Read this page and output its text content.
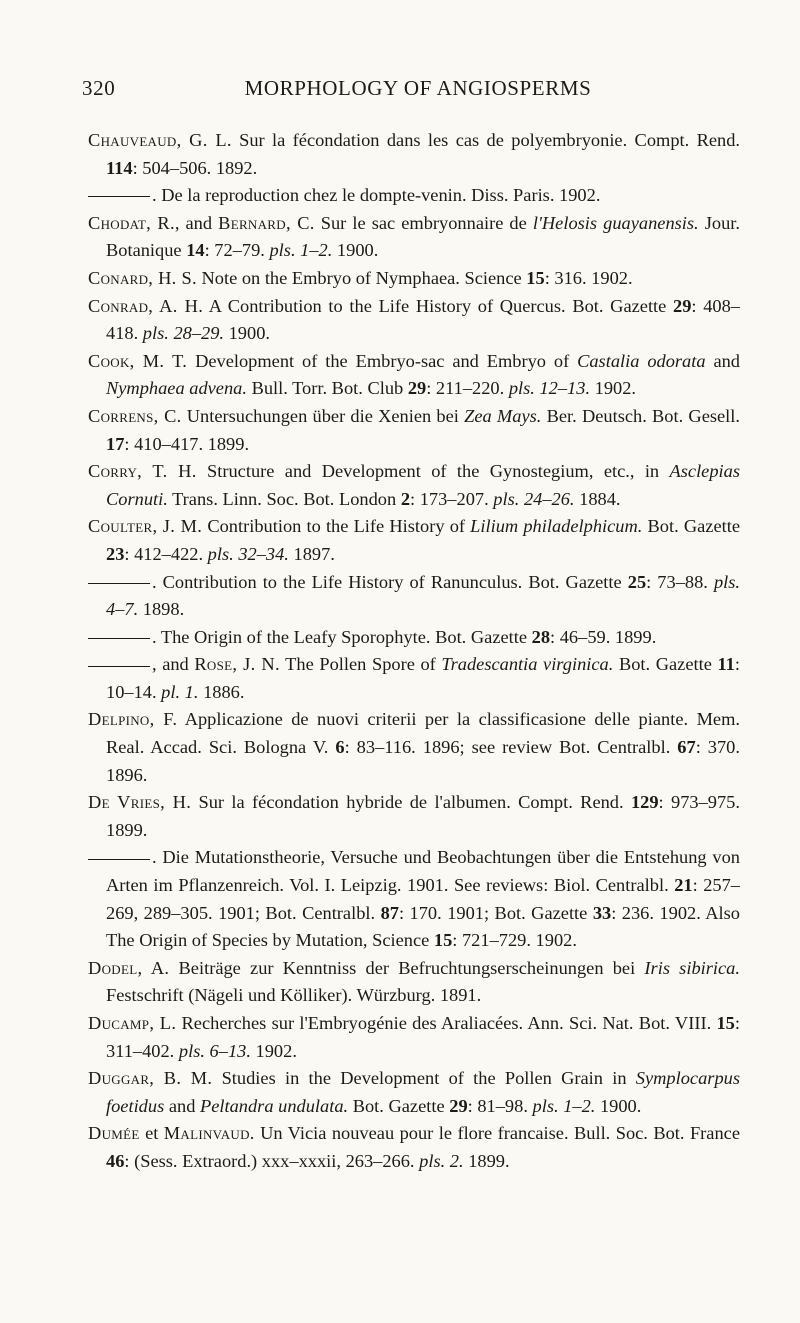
320	MORPHOLOGY OF ANGIOSPERMS

Chauveaud, G. L. Sur la fécondation dans les cas de polyembryonie. Compt. Rend. 114: 504–506. 1892.

. De la reproduction chez le dompte-venin. Diss. Paris. 1902.

Chodat, R., and Bernard, C. Sur le sac embryonnaire de l'Helosis guayanensis. Jour. Botanique 14: 72–79. pls. 1–2. 1900.

Conard, H. S. Note on the Embryo of Nymphaea. Science 15: 316. 1902.

Conrad, A. H. A Contribution to the Life History of Quercus. Bot. Gazette 29: 408–418. pls. 28–29. 1900.

Cook, M. T. Development of the Embryo-sac and Embryo of Castalia odorata and Nymphaea advena. Bull. Torr. Bot. Club 29: 211–220. pls. 12–13. 1902.

Correns, C. Untersuchungen über die Xenien bei Zea Mays. Ber. Deutsch. Bot. Gesell. 17: 410–417. 1899.

Corry, T. H. Structure and Development of the Gynostegium, etc., in Asclepias Cornuti. Trans. Linn. Soc. Bot. London 2: 173–207. pls. 24–26. 1884.

Coulter, J. M. Contribution to the Life History of Lilium philadelphicum. Bot. Gazette 23: 412–422. pls. 32–34. 1897.

. Contribution to the Life History of Ranunculus. Bot. Gazette 25: 73–88. pls. 4–7. 1898.

. The Origin of the Leafy Sporophyte. Bot. Gazette 28: 46–59. 1899.

, and Rose, J. N. The Pollen Spore of Tradescantia virginica. Bot. Gazette 11: 10–14. pl. 1. 1886.

Delpino, F. Applicazione de nuovi criterii per la classificasione delle piante. Mem. Real. Accad. Sci. Bologna V. 6: 83–116. 1896; see review Bot. Centralbl. 67: 370. 1896.

De Vries, H. Sur la fécondation hybride de l'albumen. Compt. Rend. 129: 973–975. 1899.

. Die Mutationstheorie, Versuche und Beobachtungen über die Entstehung von Arten im Pflanzenreich. Vol. I. Leipzig. 1901. See reviews: Biol. Centralbl. 21: 257–269, 289–305. 1901; Bot. Centralbl. 87: 170. 1901; Bot. Gazette 33: 236. 1902. Also The Origin of Species by Mutation, Science 15: 721–729. 1902.

Dodel, A. Beiträge zur Kenntniss der Befruchtungserscheinungen bei Iris sibirica. Festschrift (Nägeli und Kölliker). Würzburg. 1891.

Ducamp, L. Recherches sur l'Embryogénie des Araliacées. Ann. Sci. Nat. Bot. VIII. 15: 311–402. pls. 6–13. 1902.

Duggar, B. M. Studies in the Development of the Pollen Grain in Symplocarpus foetidus and Peltandra undulata. Bot. Gazette 29: 81–98. pls. 1–2. 1900.

Dumée et Malinvaud. Un Vicia nouveau pour le flore francaise. Bull. Soc. Bot. France 46: (Sess. Extraord.) xxx–xxxii, 263–266. pls. 2. 1899.
